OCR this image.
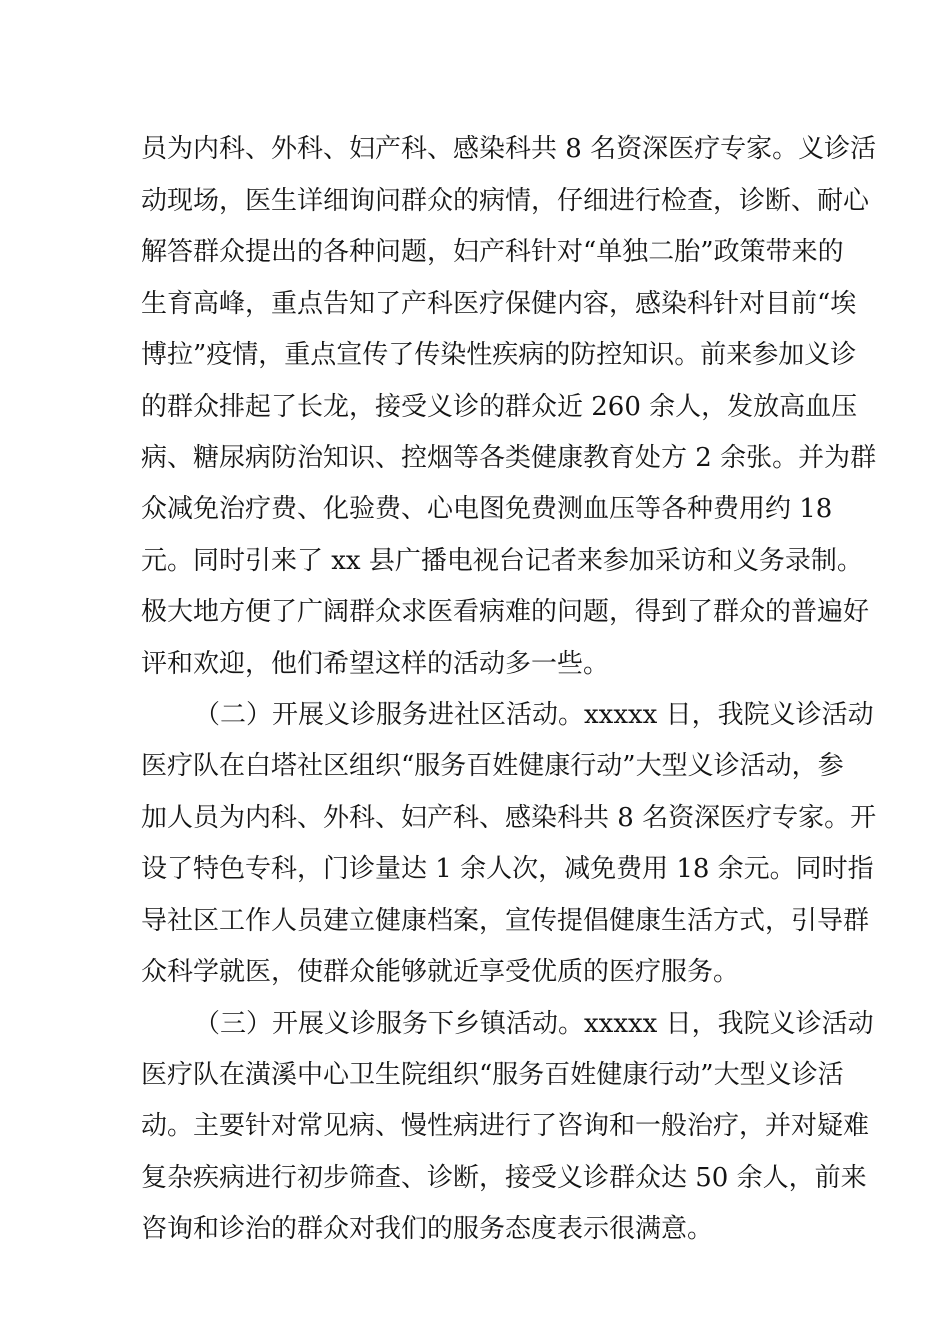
员为内科、外科、妇产科、感染科共 8 名资深医疗专家。义诊活
动现场，医生详细询问群众的病情，仔细进行检查，诊断、耐心
解答群众提出的各种问题，妇产科针对“单独二胎”政策带来的
生育高峰，重点告知了产科医疗保健内容，感染科针对目前“埃
博拉”疫情，重点宣传了传染性疾病的防控知识。前来参加义诊
的群众排起了长龙，接受义诊的群众近 260 余人，发放高血压
病、糖尿病防治知识、控烟等各类健康教育处方 2 余张。并为群
众减免治疗费、化验费、心电图免费测血压等各种费用约 18
元。同时引来了 xx 县广播电视台记者来参加采访和义务录制。
极大地方便了广阔群众求医看病难的问题，得到了群众的普遍好
评和欢迎，他们希望这样的活动多一些。
（二）开展义诊服务进社区活动。xxxxx 日，我院义诊活动
医疗队在白塔社区组织“服务百姓健康行动”大型义诊活动，参
加人员为内科、外科、妇产科、感染科共 8 名资深医疗专家。开
设了特色专科，门诊量达 1 余人次，减免费用 18 余元。同时指
导社区工作人员建立健康档案，宣传提倡健康生活方式，引导群
众科学就医，使群众能够就近享受优质的医疗服务。
（三）开展义诊服务下乡镇活动。xxxxx 日，我院义诊活动
医疗队在潢溪中心卫生院组织“服务百姓健康行动”大型义诊活
动。主要针对常见病、慢性病进行了咨询和一般治疗，并对疑难
复杂疾病进行初步筛查、诊断，接受义诊群众达 50 余人，前来
咨询和诊治的群众对我们的服务态度表示很满意。
